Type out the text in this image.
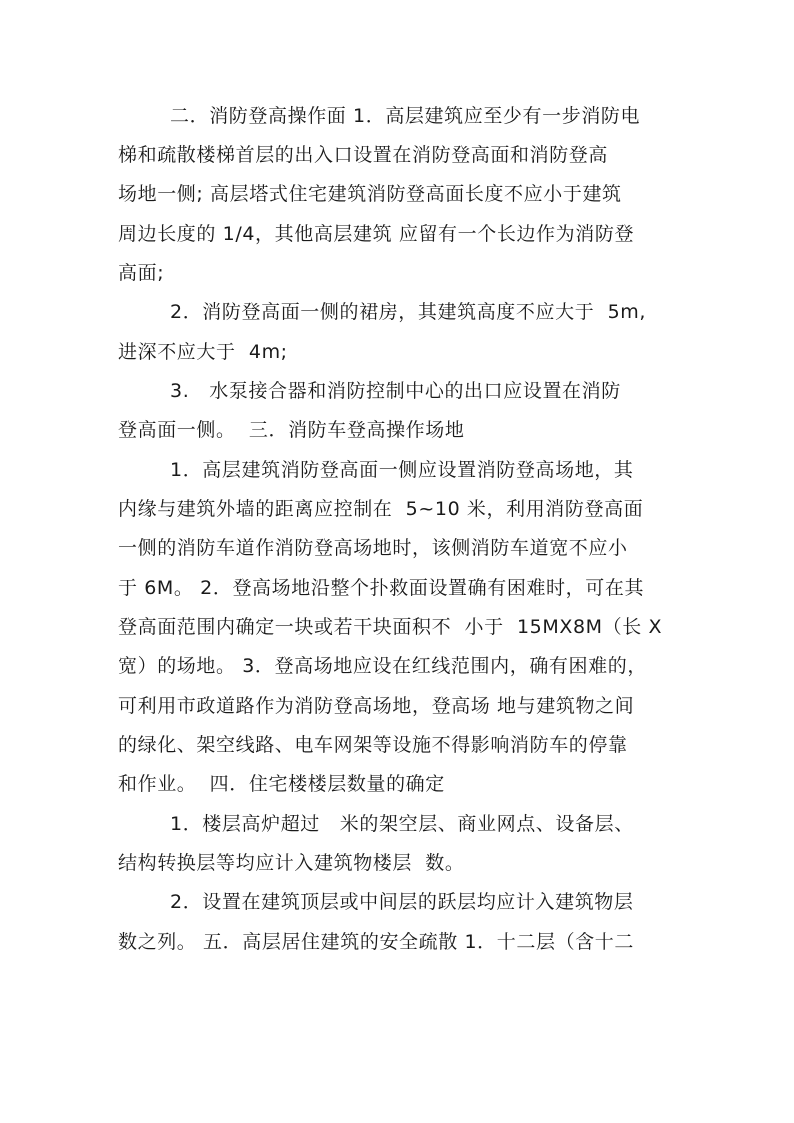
二．消防登高操作面 1．高层建筑应至少有一步消防电
梯和疏散楼梯首层的出入口设置在消防登高面和消防登高
场地一侧; 高层塔式住宅建筑消防登高面长度不应小于建筑
周边长度的 1/4，其他高层建筑 应留有一个长边作为消防登
高面;
2．消防登高面一侧的裙房，其建筑高度不应大于  5m,
进深不应大于  4m;
3.   水泵接合器和消防控制中心的出口应设置在消防
登高面一侧。  三．消防车登高操作场地
1．高层建筑消防登高面一侧应设置消防登高场地，其
内缘与建筑外墙的距离应控制在  5~10 米，利用消防登高面
一侧的消防车道作消防登高场地时，该侧消防车道宽不应小
于 6M。 2．登高场地沿整个扑救面设置确有困难时，可在其
登高面范围内确定一块或若干块面积不  小于  15MX8M（长 X
宽）的场地。 3．登高场地应设在红线范围内，确有困难的，
可利用市政道路作为消防登高场地，登高场 地与建筑物之间
的绿化、架空线路、电车网架等设施不得影响消防车的停靠
和作业。  四．住宅楼楼层数量的确定
1．楼层高炉超过   米的架空层、商业网点、设备层、
结构转换层等均应计入建筑物楼层  数。
2．设置在建筑顶层或中间层的跃层均应计入建筑物层
数之列。 五．高层居住建筑的安全疏散 1．十二层（含十二
